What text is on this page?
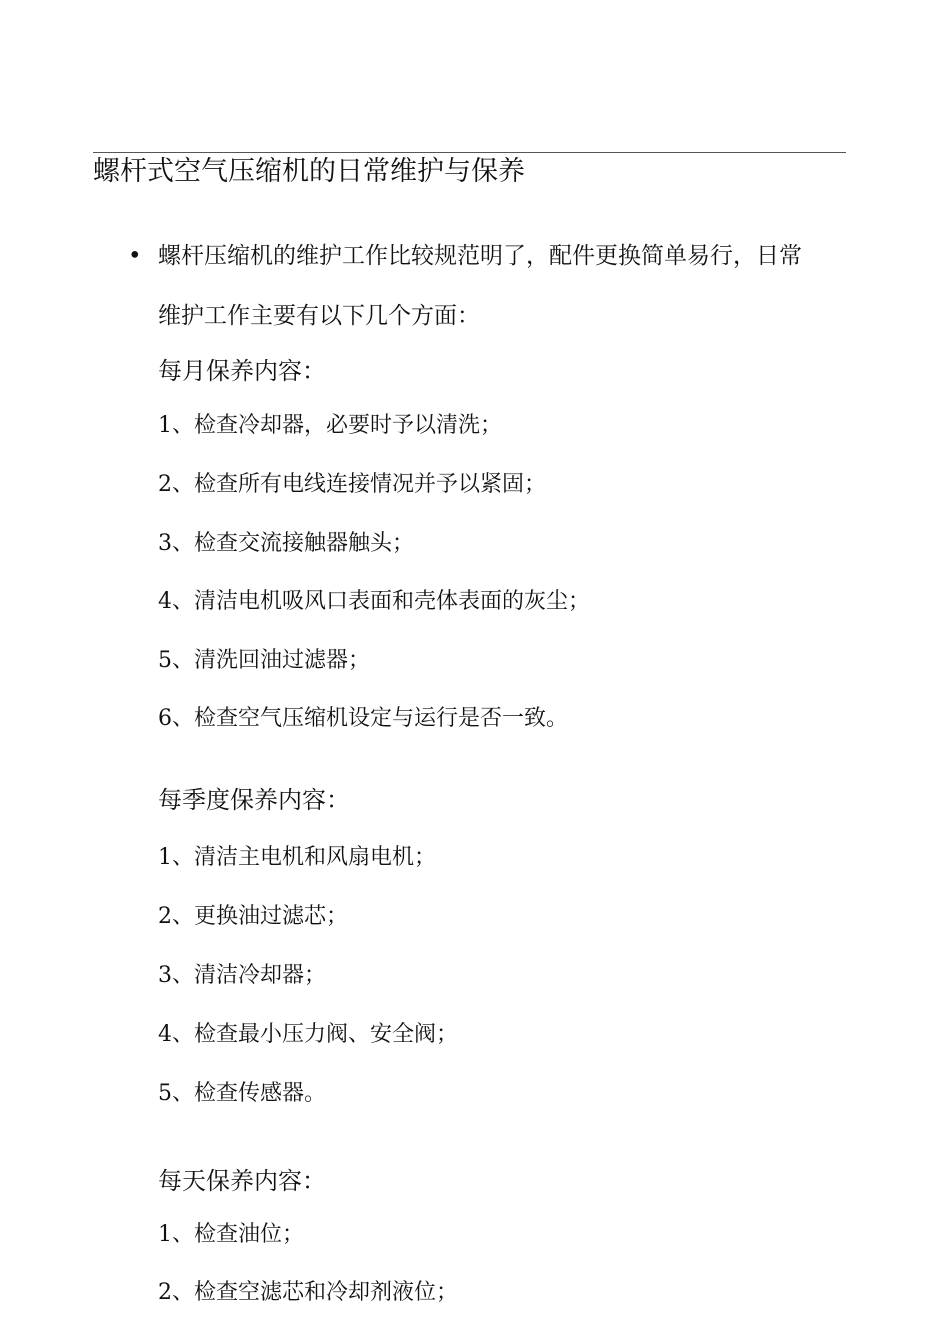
螺杆式空气压缩机的日常维护与保养
• 螺杆压缩机的维护工作比较规范明了，配件更换简单易行，日常
维护工作主要有以下几个方面：
每月保养内容：
1、检查冷却器，必要时予以清洗；
2、检查所有电线连接情况并予以紧固；
3、检查交流接触器触头；
4、清洁电机吸风口表面和壳体表面的灰尘；
5、清洗回油过滤器；
6、检查空气压缩机设定与运行是否一致。
每季度保养内容：
1、清洁主电机和风扇电机；
2、更换油过滤芯；
3、清洁冷却器；
4、检查最小压力阀、安全阀；
5、检查传感器。
每天保养内容：
1、检查油位；
2、检查空滤芯和冷却剂液位；
